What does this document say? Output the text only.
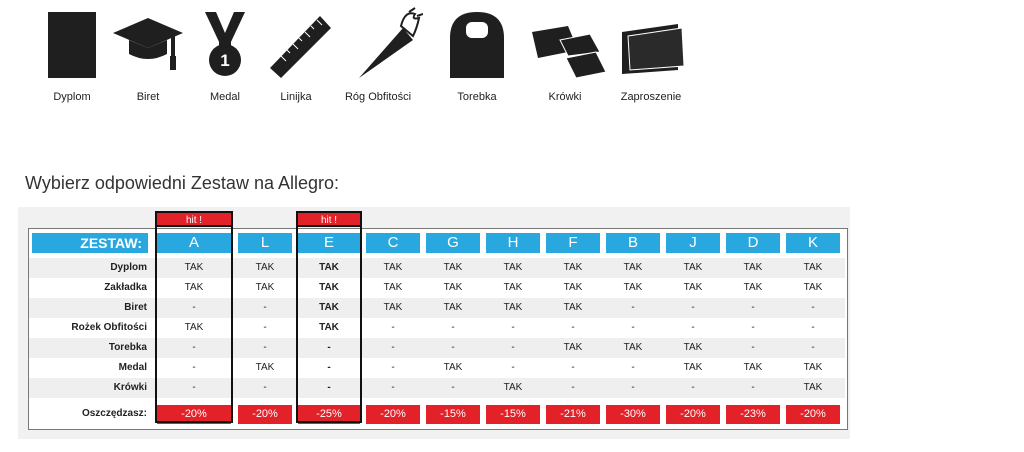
Dyplom	Biret
1
Medal	Linijka	Róg Obfitości	Torebka	Krówki	Zaproszenie
Wybierz odpowiedni Zestaw na Allegro:
ZESTAW:	A	L	E	C	G	H	F	B	J	D	K
Dyplom	TAK	TAK	TAK	TAK	TAK	TAK	TAK	TAK	TAK	TAK	TAK
Zakładka	TAK	TAK	TAK	TAK	TAK	TAK	TAK	TAK	TAK	TAK	TAK
Biret	-	-	TAK	TAK	TAK	TAK	TAK	-	-	-	-
Rożek Obfitości	TAK	-	TAK	-	-	-	-	-	-	-	-
Torebka	-	-	-	-	-	-	TAK	TAK	TAK	-	-
Medal	-	TAK	-	-	TAK	-	-	-	TAK	TAK	TAK
Krówki	-	-	-	-	-	TAK	-	-	-	-	TAK
Oszczędzasz:	-20%	-20%	-25%	-20%	-15%	-15%	-21%	-30%	-20%	-23%	-20%
hit !	hit !
